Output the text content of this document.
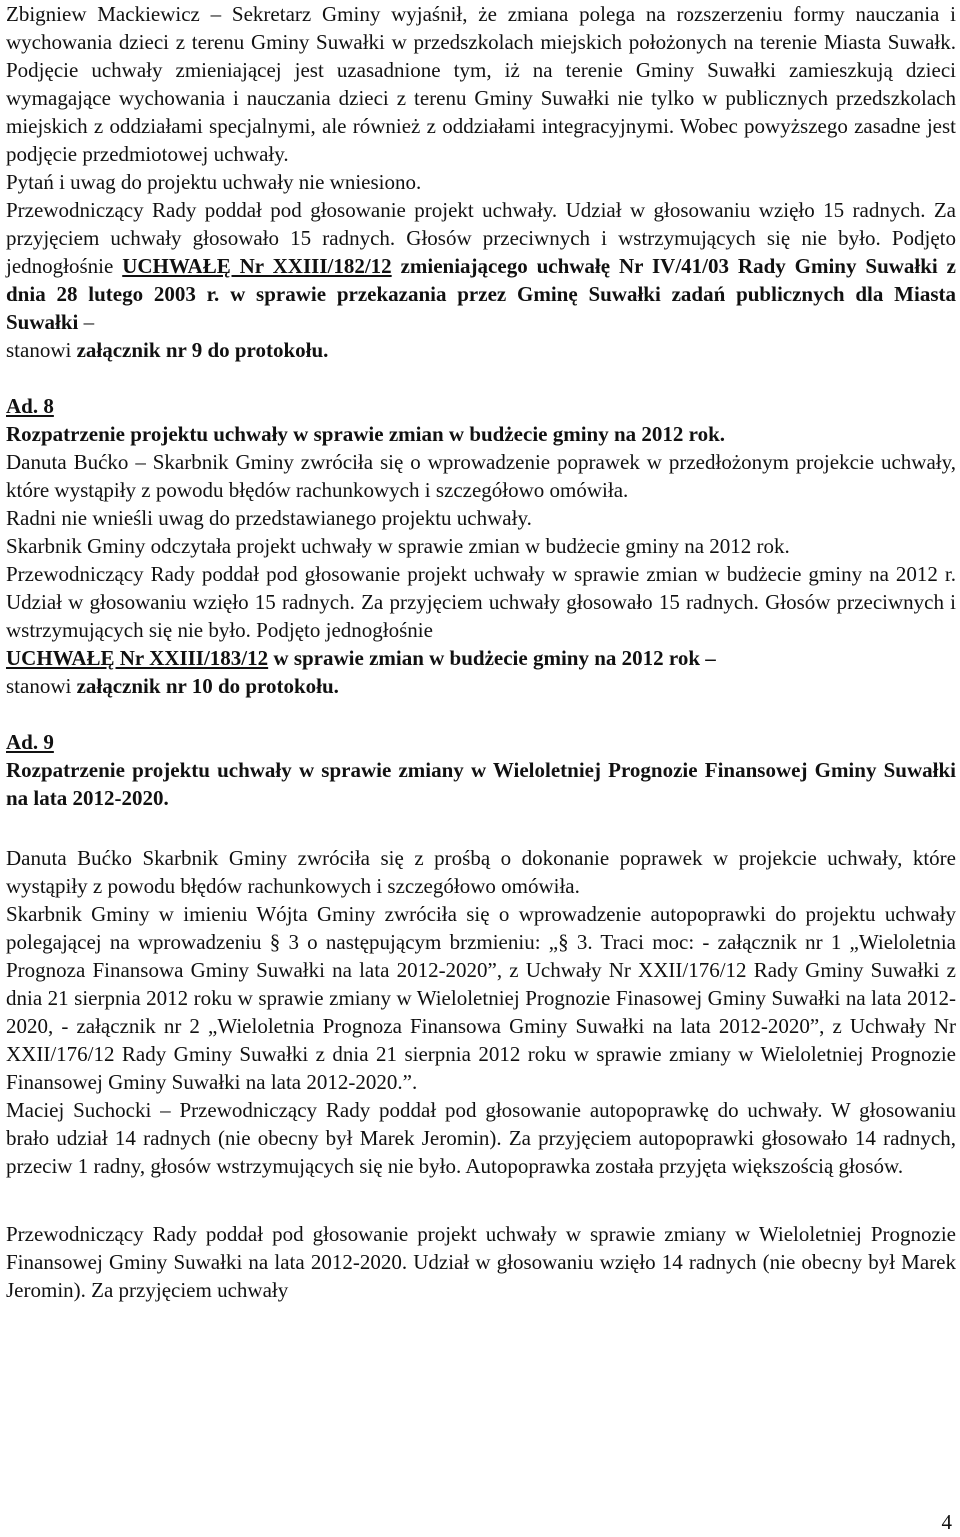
Zbigniew Mackiewicz – Sekretarz Gminy wyjaśnił, że zmiana polega na rozszerzeniu formy nauczania i wychowania dzieci z terenu Gminy Suwałki w przedszkolach miejskich położonych na terenie Miasta Suwałk. Podjęcie uchwały zmieniającej jest uzasadnione tym, iż na terenie Gminy Suwałki zamieszkują dzieci wymagające wychowania i nauczania dzieci z terenu Gminy Suwałki nie tylko w publicznych przedszkolach miejskich z oddziałami specjalnymi, ale również z oddziałami integracyjnymi. Wobec powyższego zasadne jest podjęcie przedmiotowej uchwały.

Pytań i uwag do projektu uchwały nie wniesiono.

Przewodniczący Rady poddał pod głosowanie projekt uchwały. Udział w głosowaniu wzięło 15 radnych. Za przyjęciem uchwały głosowało 15 radnych. Głosów przeciwnych i wstrzymujących się nie było. Podjęto jednogłośnie UCHWAŁĘ Nr XXIII/182/12 zmieniającego uchwałę Nr IV/41/03 Rady Gminy Suwałki z dnia 28 lutego 2003 r. w sprawie przekazania przez Gminę Suwałki zadań publicznych dla Miasta Suwałki –
stanowi załącznik nr 9 do protokołu.

Ad. 8

Rozpatrzenie projektu uchwały w sprawie zmian w budżecie gminy na 2012 rok.

Danuta Bućko – Skarbnik Gminy zwróciła się o wprowadzenie poprawek w przedłożonym projekcie uchwały, które wystąpiły z powodu błędów rachunkowych i szczegółowo omówiła.

Radni nie wnieśli uwag do przedstawianego projektu uchwały.

Skarbnik Gminy odczytała projekt uchwały w sprawie zmian w budżecie gminy na 2012 rok.

Przewodniczący Rady poddał pod głosowanie projekt uchwały w sprawie zmian w budżecie gminy na 2012 r. Udział w głosowaniu wzięło 15 radnych. Za przyjęciem uchwały głosowało 15 radnych. Głosów przeciwnych i wstrzymujących się nie było. Podjęto jednogłośnie
UCHWAŁĘ Nr XXIII/183/12 w sprawie zmian w budżecie gminy na 2012 rok –
stanowi załącznik nr 10 do protokołu.

Ad. 9

Rozpatrzenie projektu uchwały w sprawie zmiany w Wieloletniej Prognozie Finansowej Gminy Suwałki na lata 2012-2020.

Danuta Bućko Skarbnik Gminy zwróciła się z prośbą o dokonanie poprawek w projekcie uchwały, które wystąpiły z powodu błędów rachunkowych i szczegółowo omówiła.

Skarbnik Gminy w imieniu Wójta Gminy zwróciła się o wprowadzenie autopoprawki do projektu uchwały polegającej na wprowadzeniu § 3 o następującym brzmieniu: „§ 3. Traci moc: - załącznik nr 1 „Wieloletnia Prognoza Finansowa Gminy Suwałki na lata 2012-2020”, z Uchwały Nr XXII/176/12 Rady Gminy Suwałki z dnia 21 sierpnia 2012 roku w sprawie zmiany w Wieloletniej Prognozie Finasowej Gminy Suwałki na lata 2012-2020, - załącznik nr 2 „Wieloletnia Prognoza Finansowa Gminy Suwałki na lata 2012-2020”, z Uchwały Nr XXII/176/12 Rady Gminy Suwałki z dnia 21 sierpnia 2012 roku w sprawie zmiany w Wieloletniej Prognozie Finansowej Gminy Suwałki na lata 2012-2020.”.

Maciej Suchocki – Przewodniczący Rady poddał pod głosowanie autopoprawkę do uchwały. W głosowaniu brało udział 14 radnych (nie obecny był Marek Jeromin). Za przyjęciem autopoprawki głosowało 14 radnych, przeciw 1 radny, głosów wstrzymujących się nie było. Autopoprawka została przyjęta większością głosów.

Przewodniczący Rady poddał pod głosowanie projekt uchwały w sprawie zmiany w Wieloletniej Prognozie Finansowej Gminy Suwałki na lata 2012-2020. Udział w głosowaniu wzięło 14 radnych (nie obecny był Marek Jeromin). Za przyjęciem uchwały

4
